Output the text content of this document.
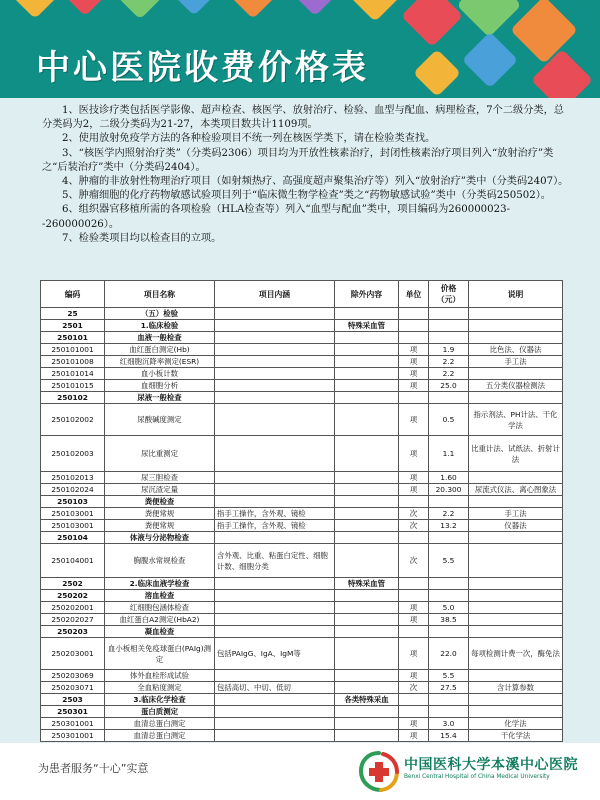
中心医院收费价格表

1、医技诊疗类包括医学影像、超声检查、核医学、放射治疗、检验、血型与配血、病理检查，7个二级分类，总分类码为2，二级分类码为21-27，本类项目数共计1109项。

2、使用放射免疫学方法的各种检验项目不统一列在核医学类下，请在检验类查找。

3、“核医学内照射治疗类”（分类码2306）项目均为开放性核素治疗，封闭性核素治疗项目列入“放射治疗”类之“后装治疗”类中（分类码2404）。

4、肿瘤的非放射性物理治疗项目（如射频热疗、高强度超声聚集治疗等）列入“放射治疗”类中（分类码2407）。

5、肿瘤细胞的化疗药物敏感试验项目列于“临床微生物学检查”类之“药物敏感试验”类中（分类码250502）。

6、组织器官移植所需的各项检验（HLA检查等）列入“血型与配血”类中，项目编码为260000023--260000026）。

7、检验类项目均以检查目的立项。

编码	项目名称	项目内涵	除外内容	单位	价格（元）	说明
25	（五）检验					
2501	1.临床检验		特殊采血管			
250101	血液一般检查					
250101001	血红蛋白测定(Hb)			项	1.9	比色法、仪器法
250101008	红细胞沉降率测定(ESR)			项	2.2	手工法
250101014	血小板计数			项	2.2	
250101015	血细胞分析			项	25.0	五分类仪器检测法
250102	尿液一般检查					
250102002	尿酸碱度测定			项	0.5	指示剂法、PH计法、干化学法
250102003	尿比重测定			项	1.1	比重计法、试纸法、折射计法
250102013	尿三胆检查			项	1.60	
250102024	尿沉渣定量			项	20.300	尿流式仪法、离心图象法
250103	粪便检查					
250103001	粪便常规	指手工操作，含外观、镜检		次	2.2	手工法
250103001	粪便常规	指手工操作，含外观、镜检		次	13.2	仪器法
250104	体液与分泌物检查					
250104001	胸腹水常规检查	含外观、比重、粘蛋白定性、细胞计数、细胞分类		次	5.5	
2502	2.临床血液学检查		特殊采血管			
250202	溶血检查					
250202001	红细胞包涵体检查			项	5.0	
250202027	血红蛋白A2测定(HbA2)			项	38.5	
250203	凝血检查					
250203001	血小板相关免疫球蛋白(PAIg)测定	包括PAIgG、IgA、IgM等		项	22.0	每项检测计费一次，酶免法
250203069	体外血栓形成试验			项	5.5	
250203071	全血粘度测定	包括高切、中切、低切		次	27.5	含计算参数
2503	3.临床化学检查		各类特殊采血			
250301	蛋白质测定					
250301001	血清总蛋白测定			项	3.0	化学法
250301001	血清总蛋白测定			项	15.4	干化学法
为患者服务“十心”实意	中国医科大学本溪中心医院
Benxi Central Hospital of China Medical University
